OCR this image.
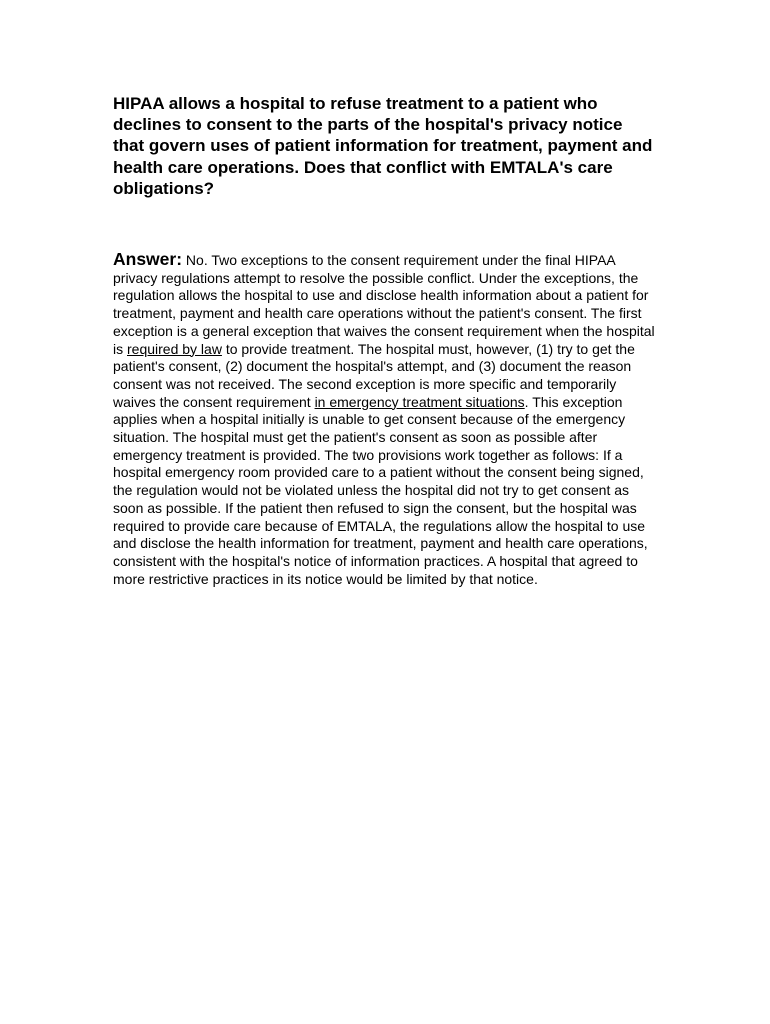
HIPAA allows a hospital to refuse treatment to a patient who declines to consent to the parts of the hospital's privacy notice that govern uses of patient information for treatment, payment and health care operations. Does that conflict with EMTALA's care obligations?

Answer: No. Two exceptions to the consent requirement under the final HIPAA privacy regulations attempt to resolve the possible conflict. Under the exceptions, the regulation allows the hospital to use and disclose health information about a patient for treatment, payment and health care operations without the patient's consent. The first exception is a general exception that waives the consent requirement when the hospital is required by law to provide treatment. The hospital must, however, (1) try to get the patient's consent, (2) document the hospital's attempt, and (3) document the reason consent was not received. The second exception is more specific and temporarily waives the consent requirement in emergency treatment situations. This exception applies when a hospital initially is unable to get consent because of the emergency situation. The hospital must get the patient's consent as soon as possible after emergency treatment is provided. The two provisions work together as follows: If a hospital emergency room provided care to a patient without the consent being signed, the regulation would not be violated unless the hospital did not try to get consent as soon as possible. If the patient then refused to sign the consent, but the hospital was required to provide care because of EMTALA, the regulations allow the hospital to use and disclose the health information for treatment, payment and health care operations, consistent with the hospital's notice of information practices. A hospital that agreed to more restrictive practices in its notice would be limited by that notice.
